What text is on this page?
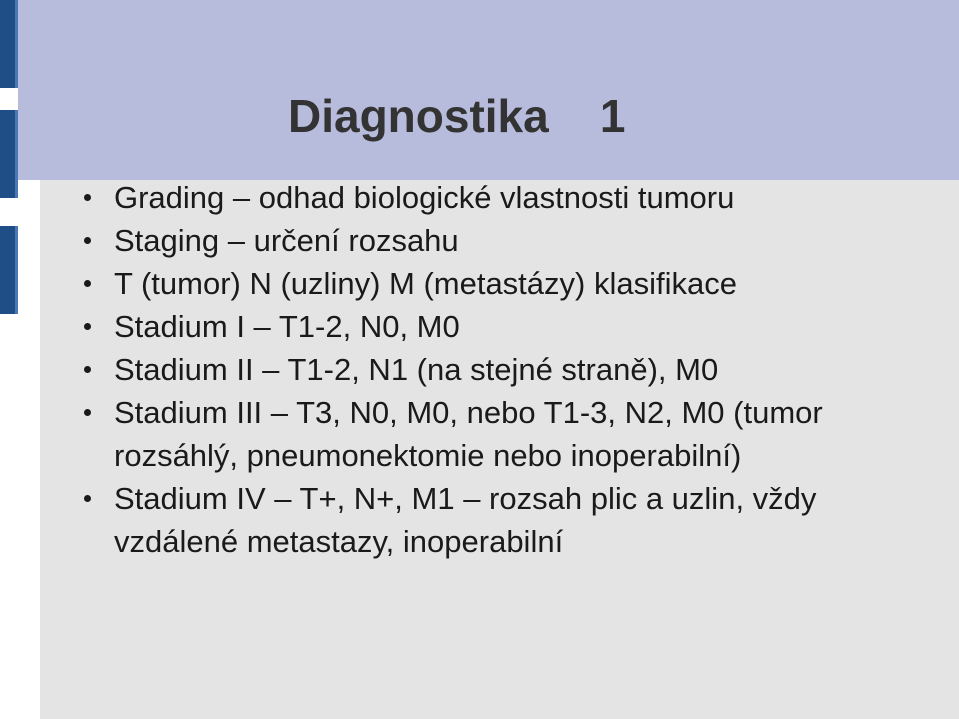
Diagnostika    1
Grading – odhad biologické vlastnosti tumoru
Staging – určení rozsahu
T (tumor) N (uzliny) M (metastázy) klasifikace
Stadium I – T1-2, N0, M0
Stadium II – T1-2, N1 (na stejné straně), M0
Stadium III – T3, N0, M0, nebo T1-3, N2, M0 (tumor rozsáhlý, pneumonektomie nebo inoperabilní)
Stadium IV – T+, N+, M1 – rozsah plic a uzlin, vždy vzdálené metastazy, inoperabilní
